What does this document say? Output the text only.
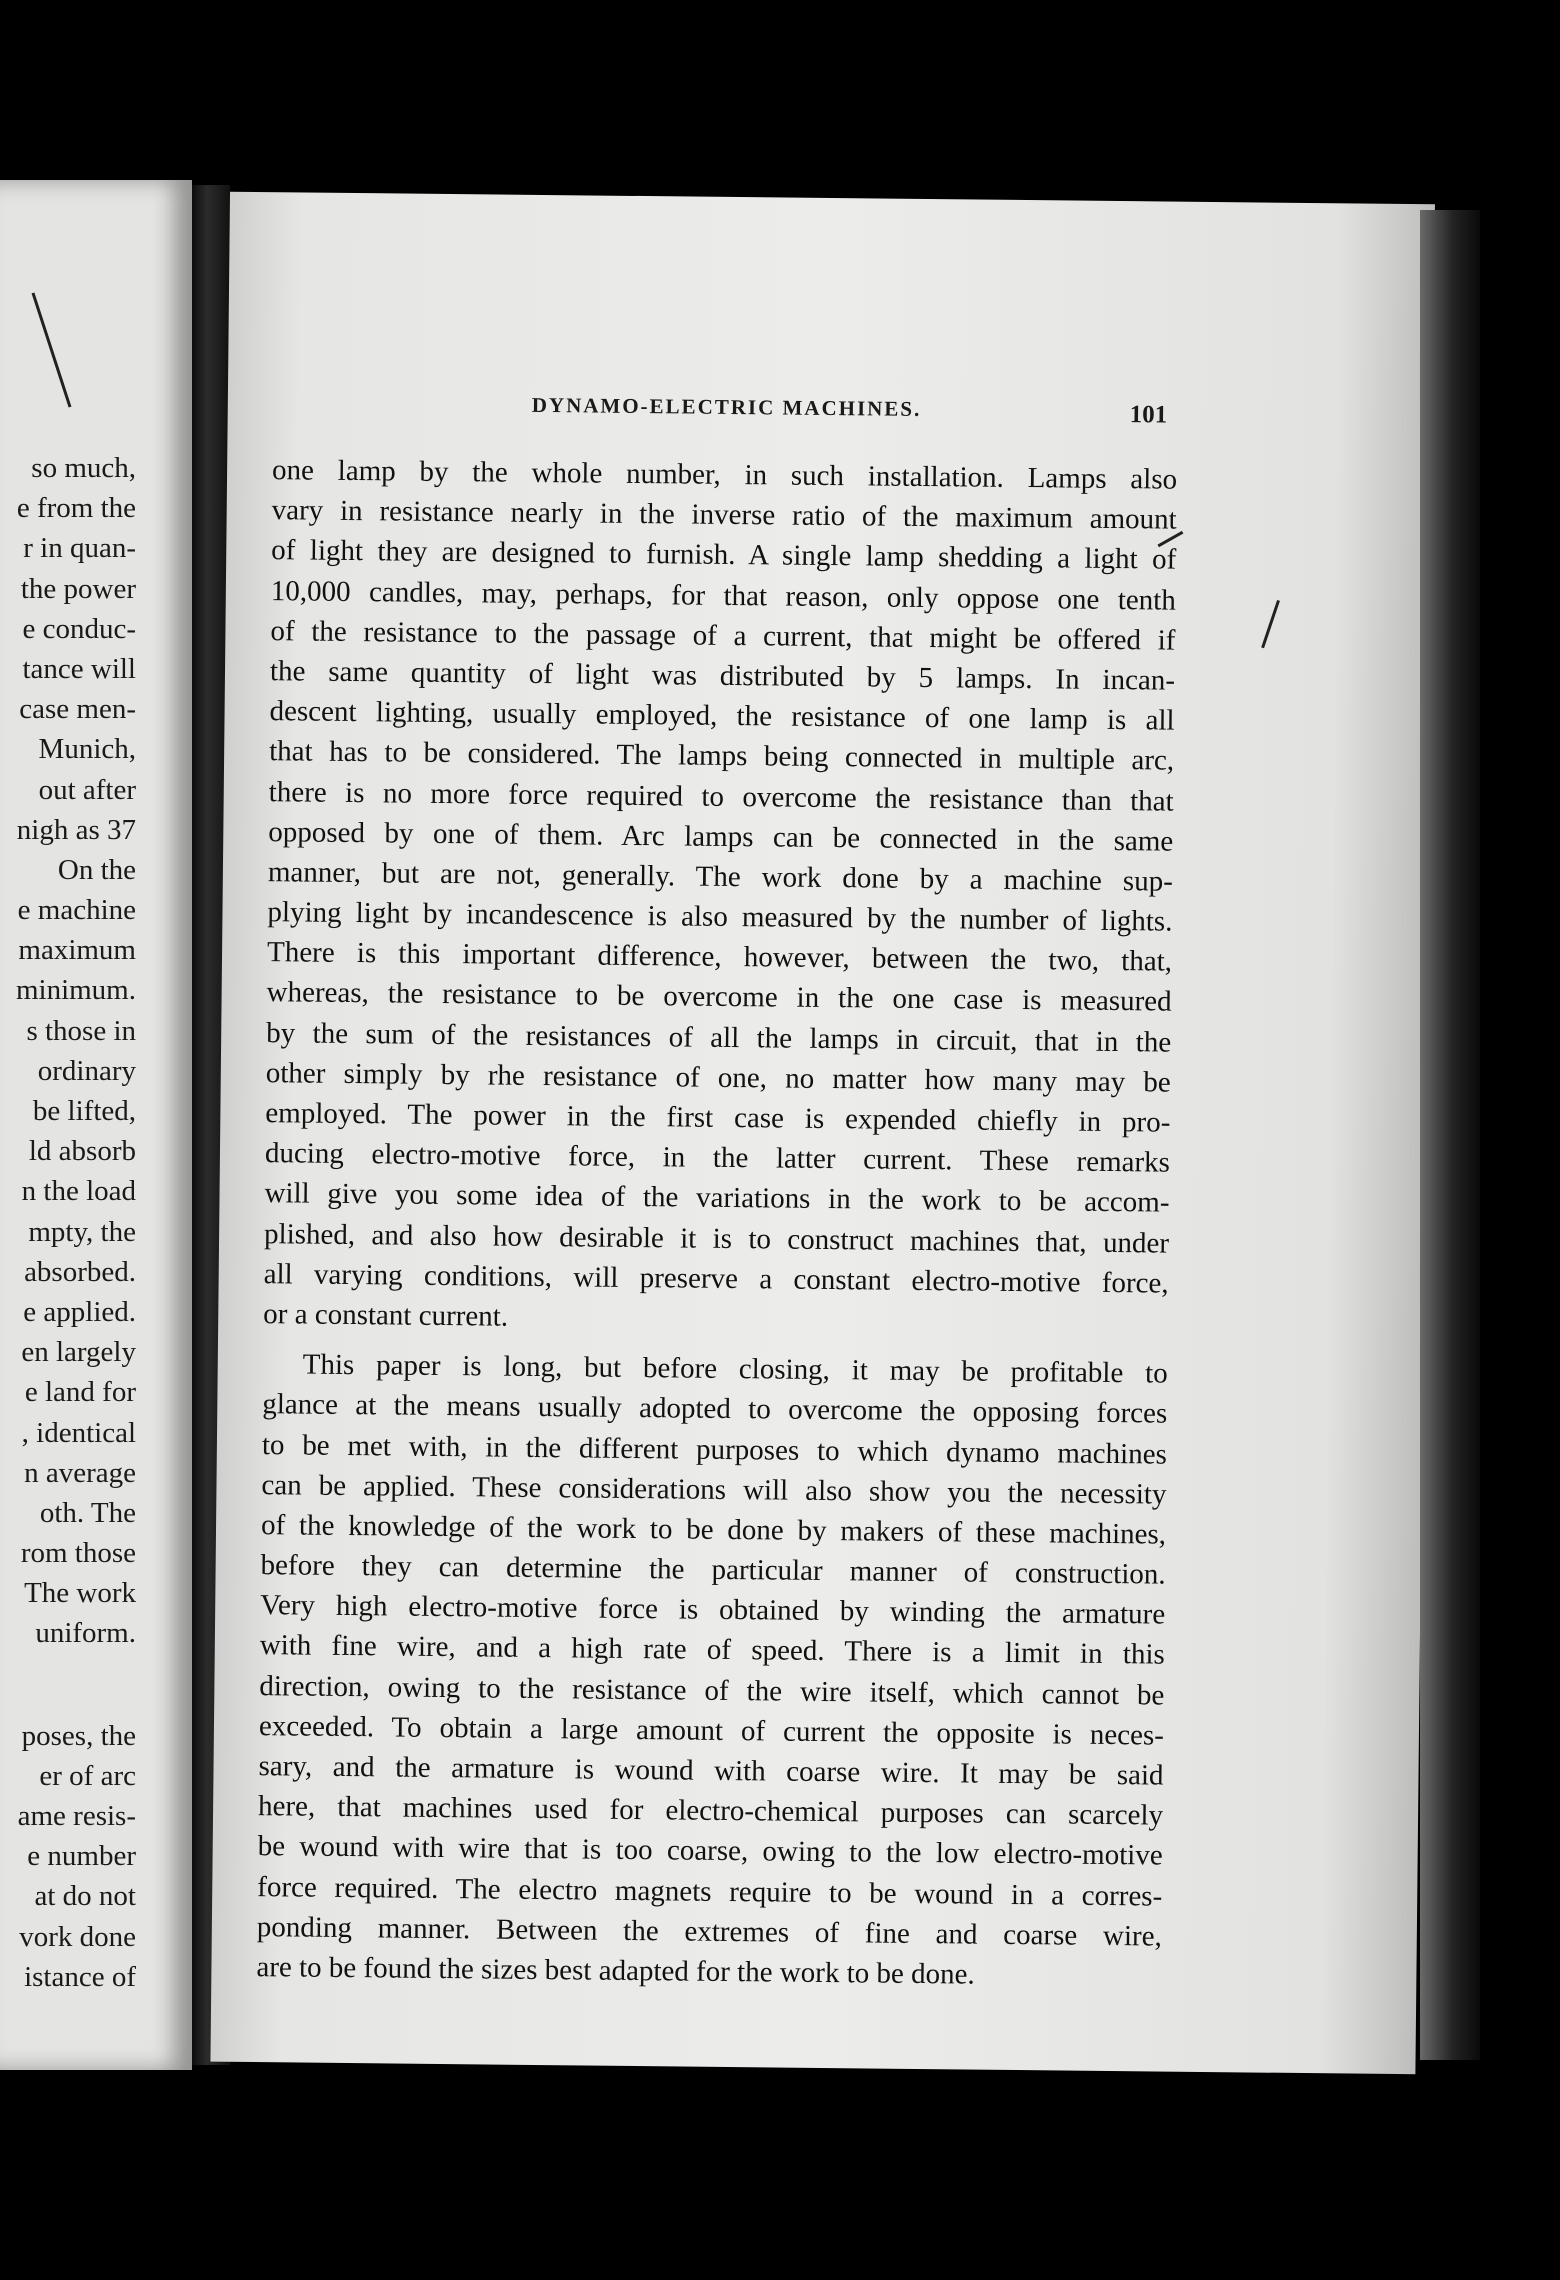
so much,
e from the
r in quan-
the power
e conduc-
tance will
case men-
Munich,
out after
nigh as 37
On the
e machine
maximum
minimum.
s those in
ordinary
be lifted,
ld absorb
n the load
mpty, the
absorbed.
e applied.
en largely
e land for
, identical
n average
oth. The
rom those
The work
uniform.
poses, the
er of arc
ame resis-
e number
at do not
vork done
istance of
DYNAMO-ELECTRIC MACHINES.	101
one lamp by the whole number, in such installation. Lamps also
vary in resistance nearly in the inverse ratio of the maximum amount
of light they are designed to furnish. A single lamp shedding a light of
10,000 candles, may, perhaps, for that reason, only oppose one tenth
of the resistance to the passage of a current, that might be offered if
the same quantity of light was distributed by 5 lamps. In incan-
descent lighting, usually employed, the resistance of one lamp is all
that has to be considered. The lamps being connected in multiple arc,
there is no more force required to overcome the resistance than that
opposed by one of them. Arc lamps can be connected in the same
manner, but are not, generally. The work done by a machine sup-
plying light by incandescence is also measured by the number of lights.
There is this important difference, however, between the two, that,
whereas, the resistance to be overcome in the one case is measured
by the sum of the resistances of all the lamps in circuit, that in the
other simply by rhe resistance of one, no matter how many may be
employed. The power in the first case is expended chiefly in pro-
ducing electro-motive force, in the latter current. These remarks
will give you some idea of the variations in the work to be accom-
plished, and also how desirable it is to construct machines that, under
all varying conditions, will preserve a constant electro-motive force,
or a constant current.
This paper is long, but before closing, it may be profitable to
glance at the means usually adopted to overcome the opposing forces
to be met with, in the different purposes to which dynamo machines
can be applied. These considerations will also show you the necessity
of the knowledge of the work to be done by makers of these machines,
before they can determine the particular manner of construction.
Very high electro-motive force is obtained by winding the armature
with fine wire, and a high rate of speed. There is a limit in this
direction, owing to the resistance of the wire itself, which cannot be
exceeded. To obtain a large amount of current the opposite is neces-
sary, and the armature is wound with coarse wire. It may be said
here, that machines used for electro-chemical purposes can scarcely
be wound with wire that is too coarse, owing to the low electro-motive
force required. The electro magnets require to be wound in a corres-
ponding manner. Between the extremes of fine and coarse wire,
are to be found the sizes best adapted for the work to be done.
